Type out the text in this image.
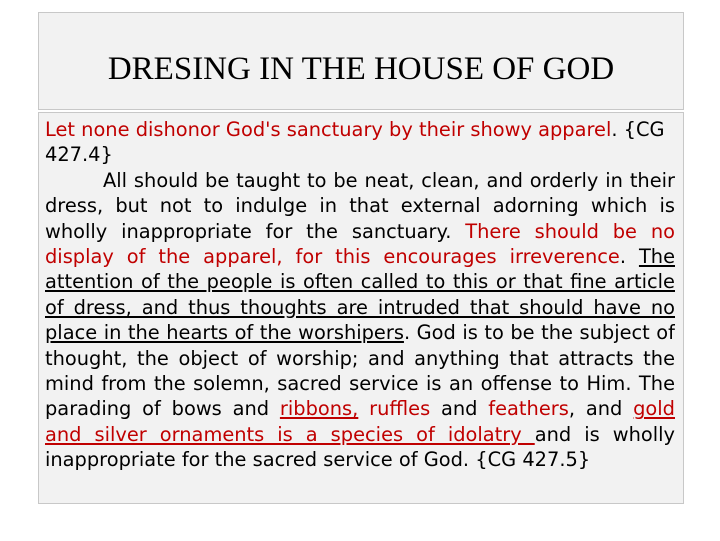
DRESING IN THE HOUSE OF GOD

Let none dishonor God's sanctuary by their showy apparel. {CG 427.4}

All should be taught to be neat, clean, and orderly in their dress, but not to indulge in that external adorning which is wholly inappropriate for the sanctuary. There should be no display of the apparel, for this encourages irreverence. The attention of the people is often called to this or that fine article of dress, and thus thoughts are intruded that should have no place in the hearts of the worshipers. God is to be the subject of thought, the object of worship; and anything that attracts the mind from the solemn, sacred service is an offense to Him. The parading of bows and ribbons, ruffles and feathers, and gold and silver ornaments is a species of idolatry and is wholly inappropriate for the sacred service of God. {CG 427.5}
